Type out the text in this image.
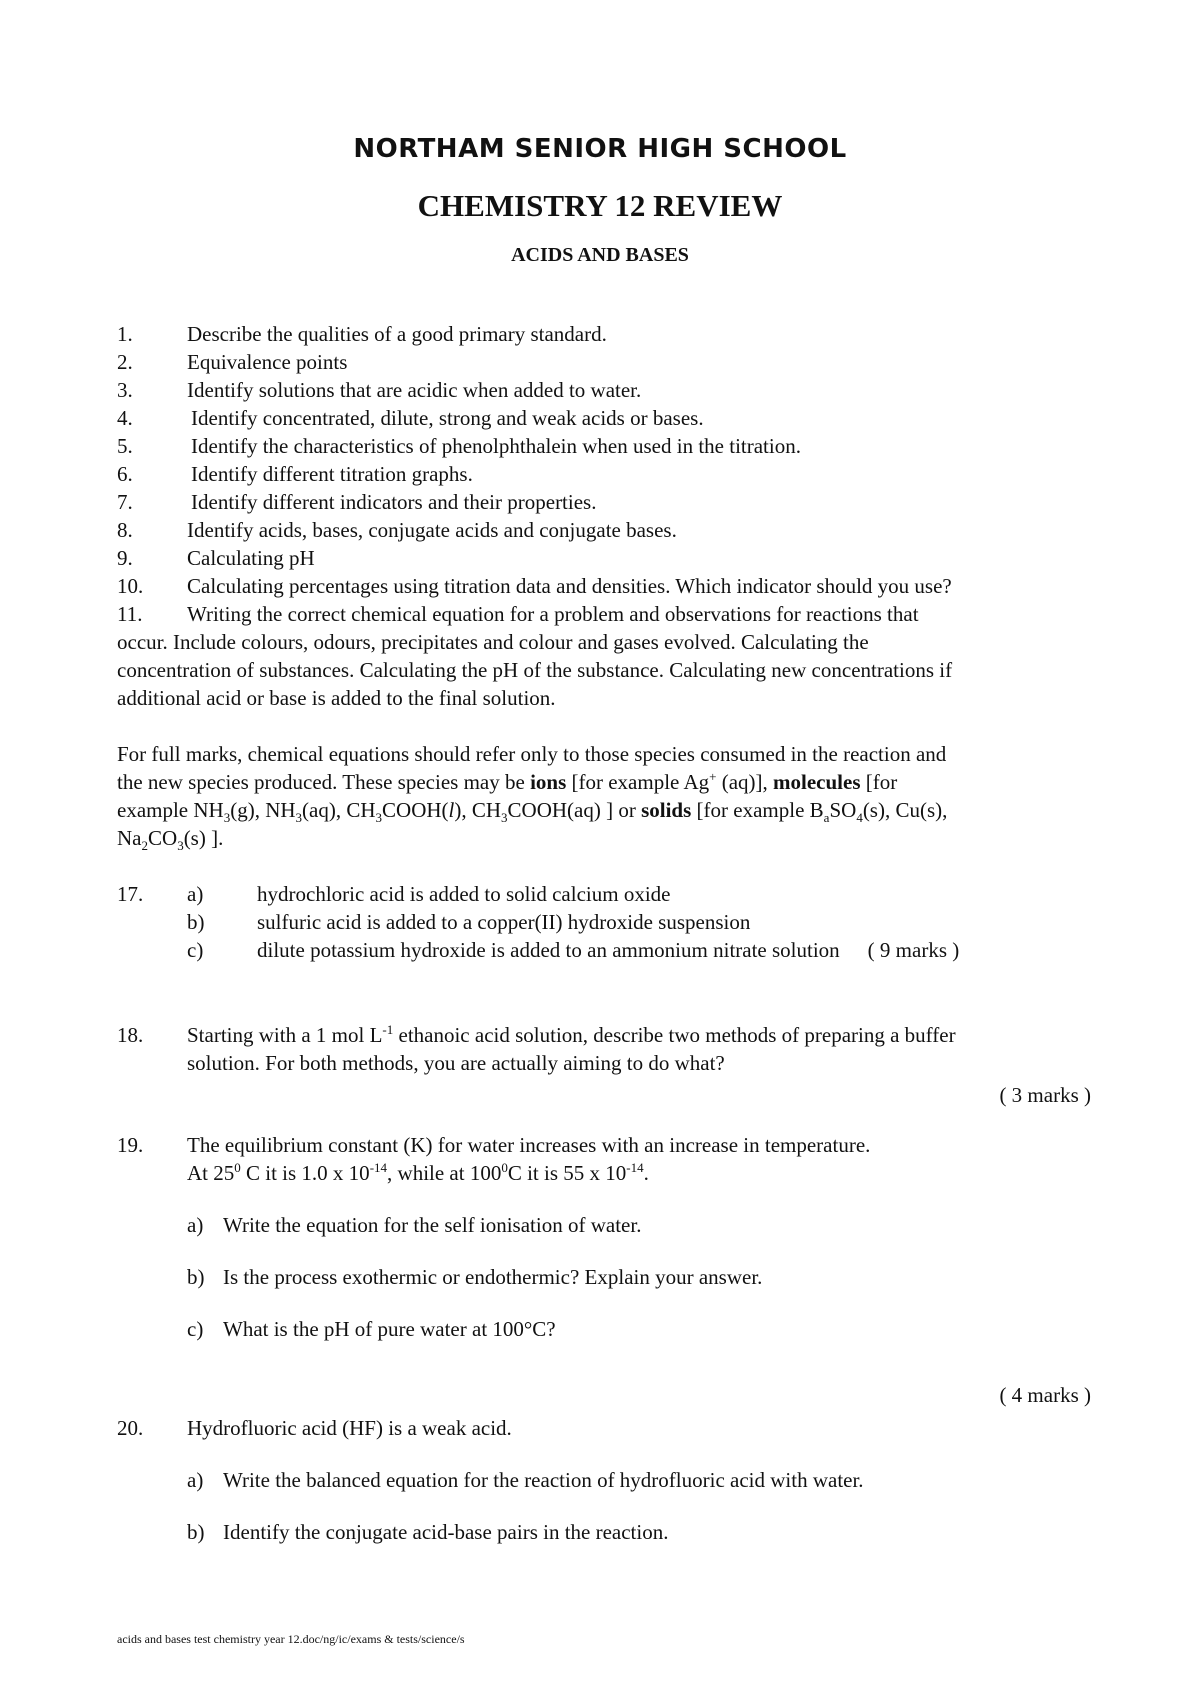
NORTHAM SENIOR HIGH SCHOOL
CHEMISTRY 12 REVIEW
ACIDS AND BASES
1.	Describe the qualities of a good primary standard.
2.	Equivalence points
3.	Identify solutions that are acidic when added to water.
4.	Identify concentrated, dilute, strong and weak acids or bases.
5.	Identify the characteristics of phenolphthalein when used in the titration.
6.	Identify different titration graphs.
7.	Identify different indicators and their properties.
8.	Identify acids, bases, conjugate acids and conjugate bases.
9.	Calculating pH
10.	Calculating percentages using titration data and densities. Which indicator should you use?
11.	Writing the correct chemical equation for a problem and observations for reactions that
occur. Include colours, odours, precipitates and colour and gases evolved. Calculating the
concentration of substances. Calculating the pH of the substance. Calculating new concentrations if
additional acid or base is added to the final solution.
For full marks, chemical equations should refer only to those species consumed in the reaction and
the new species produced. These species may be ions [for example Ag+ (aq)], molecules [for
example $NH_3(g)$, $NH_3(aq)$, $CH_3COOH(l)$, $CH_3COOH(aq)$ ] or solids [for example $B_aSO_4(s)$, Cu(s),
$Na_2CO_3(s)$ ].
17.	a)	hydrochloric acid is added to solid calcium oxide
b)	sulfuric acid is added to a copper(II) hydroxide suspension
c)	dilute potassium hydroxide is added to an ammonium nitrate solution ( 9 marks )
18.	Starting with a 1 mol $L^{-1}$ ethanoic acid solution, describe two methods of preparing a buffer
solution. For both methods, you are actually aiming to do what?
( 3 marks )
19.	The equilibrium constant (K) for water increases with an increase in temperature.
At $25^0$ C it is 1.0 x $10^{-14}$, while at $100^0C$ it is 55 x $10^{-14}$.
a) Write the equation for the self ionisation of water.
b) Is the process exothermic or endothermic? Explain your answer.
c) What is the pH of pure water at 100°C?
( 4 marks )
20.	Hydrofluoric acid (HF) is a weak acid.
a) Write the balanced equation for the reaction of hydrofluoric acid with water.
b) Identify the conjugate acid-base pairs in the reaction.
acids and bases test chemistry year 12.doc/ng/ic/exams & tests/science/s
